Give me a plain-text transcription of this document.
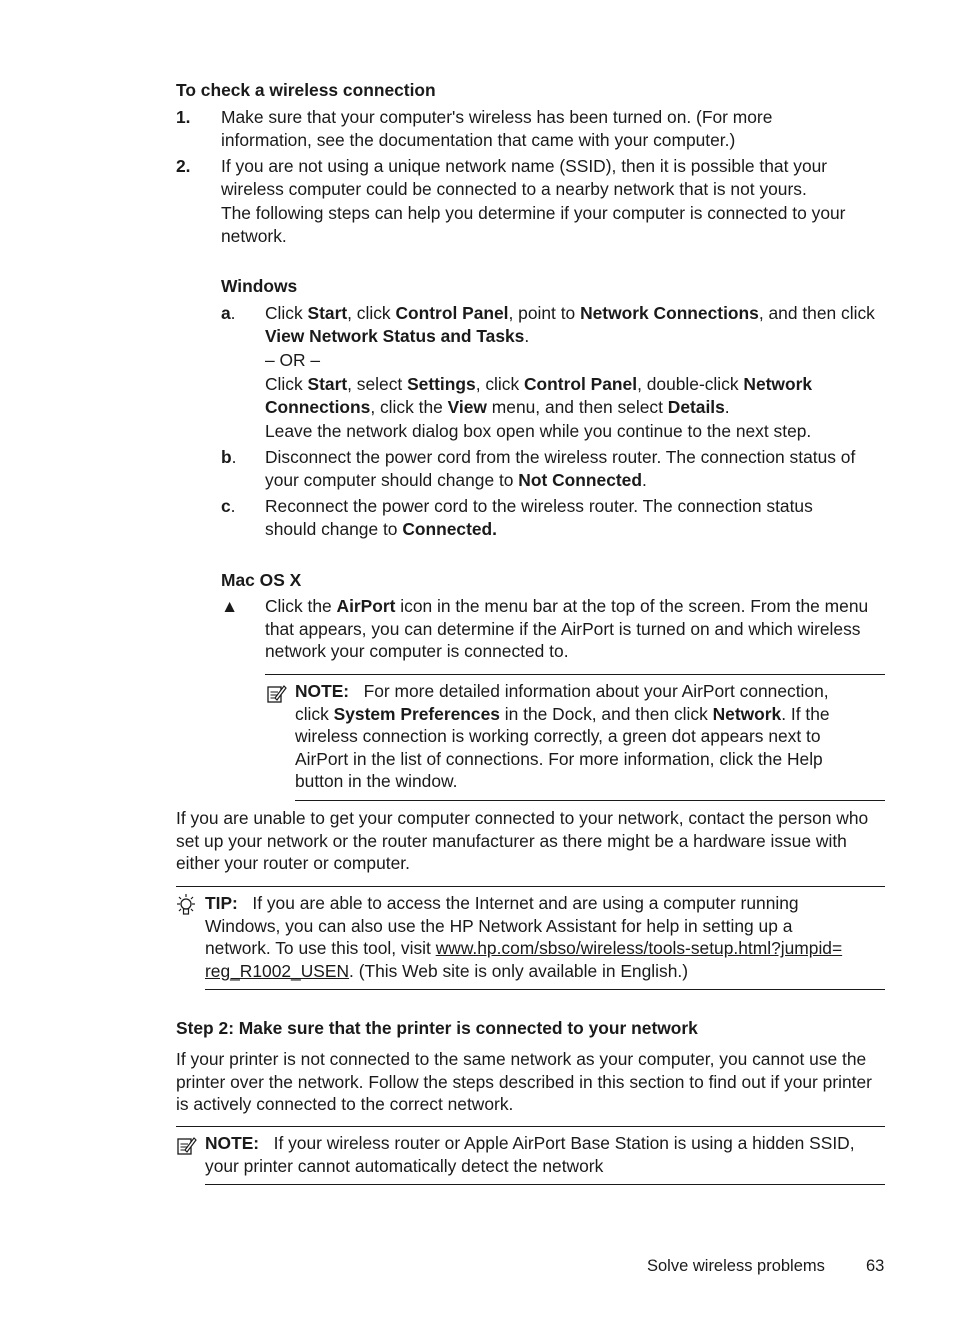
To check a wireless connection
1. Make sure that your computer's wireless has been turned on. (For more information, see the documentation that came with your computer.)
2. If you are not using a unique network name (SSID), then it is possible that your wireless computer could be connected to a nearby network that is not yours.
The following steps can help you determine if your computer is connected to your network.
Windows
a. Click Start, click Control Panel, point to Network Connections, and then click View Network Status and Tasks.
– OR –
Click Start, select Settings, click Control Panel, double-click Network Connections, click the View menu, and then select Details.
Leave the network dialog box open while you continue to the next step.
b. Disconnect the power cord from the wireless router. The connection status of your computer should change to Not Connected.
c. Reconnect the power cord to the wireless router. The connection status should change to Connected.
Mac OS X
▲ Click the AirPort icon in the menu bar at the top of the screen. From the menu that appears, you can determine if the AirPort is turned on and which wireless network your computer is connected to.
NOTE: For more detailed information about your AirPort connection, click System Preferences in the Dock, and then click Network. If the wireless connection is working correctly, a green dot appears next to AirPort in the list of connections. For more information, click the Help button in the window.
If you are unable to get your computer connected to your network, contact the person who set up your network or the router manufacturer as there might be a hardware issue with either your router or computer.
TIP: If you are able to access the Internet and are using a computer running Windows, you can also use the HP Network Assistant for help in setting up a network. To use this tool, visit www.hp.com/sbso/wireless/tools-setup.html?jumpid=reg_R1002_USEN. (This Web site is only available in English.)
Step 2: Make sure that the printer is connected to your network
If your printer is not connected to the same network as your computer, you cannot use the printer over the network. Follow the steps described in this section to find out if your printer is actively connected to the correct network.
NOTE: If your wireless router or Apple AirPort Base Station is using a hidden SSID, your printer cannot automatically detect the network
Solve wireless problems 63
